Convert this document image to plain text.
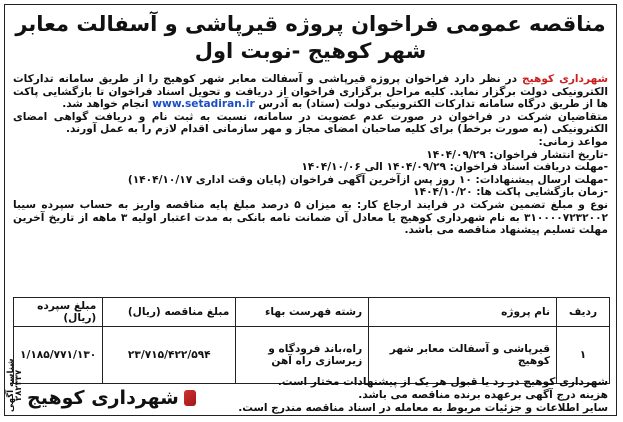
مناقصه عمومی فراخوان پروژه قیرپاشی و آسفالت معابر
شهر کوهیج -نوبت اول

شهرداری کوهیج در نظر دارد فراخوان پروژه قیرپاشی و آسفالت معابر شهر کوهیج را از طریق سامانه تدارکات الکترونیکی دولت برگزار نماید. کلیه مراحل برگزاری فراخوان از دریافت و تحویل اسناد فراخوان تا بازگشایی پاکت ها از طریق درگاه سامانه تدارکات الکترونیکی دولت (ستاد) به آدرس www.setadiran.ir انجام خواهد شد.

متقاضیان شرکت در فراخوان در صورت عدم عضویت در سامانه، نسبت به ثبت نام و دریافت گواهی امضای الکترونیکی (به صورت برخط) برای کلیه صاحبان امضای مجاز و مهر سازمانی اقدام لازم را به عمل آورند.

مواعد زمانی:

-تاریخ انتشار فراخوان: ۱۴۰۴/۰۹/۲۹
-مهلت دریافت اسناد فراخوان: ۱۴۰۴/۰۹/۲۹ الی ۱۴۰۴/۱۰/۰۶
-مهلت ارسال پیشنهادات: ۱۰ روز پس ازآخرین آگهی فراخوان (پایان وقت اداری ۱۴۰۴/۱۰/۱۷)
-زمان بازگشایی پاکت ها: ۱۴۰۴/۱۰/۲۰

نوع و مبلغ تضمین شرکت در فرایند ارجاع کار: به میزان ۵ درصد مبلغ پایه مناقصه واریز به حساب سپرده سیبا ۳۱۰۰۰۰۷۲۳۲۰۰۲ به نام شهرداری کوهیج یا معادل آن ضمانت نامه بانکی به مدت اعتبار اولیه ۳ ماهه از تاریخ آخرین مهلت تسلیم پیشنهاد مناقصه می باشد.

ردیف	نام پروژه	رشته فهرست بهاء	مبلغ مناقصه (ریال)	مبلغ سپرده (ریال)
۱	قیرپاشی و آسفالت معابر شهر کوهیج	راه،باند فرودگاه و زیرسازی راه آهن	۲۳/۷۱۵/۴۲۲/۵۹۴	۱/۱۸۵/۷۷۱/۱۳۰

شهرداری کوهیج در رد یا قبول هر یک از پیشنهادات مختار است.

هزینه درج آگهی برعهده برنده مناقصه می باشد.

سایر اطلاعات و جزئیات مربوط به معامله در اسناد مناقصه مندرج است.

شهرداری کوهیج
شناسه آگهی ۲۸۲۳۳۷
